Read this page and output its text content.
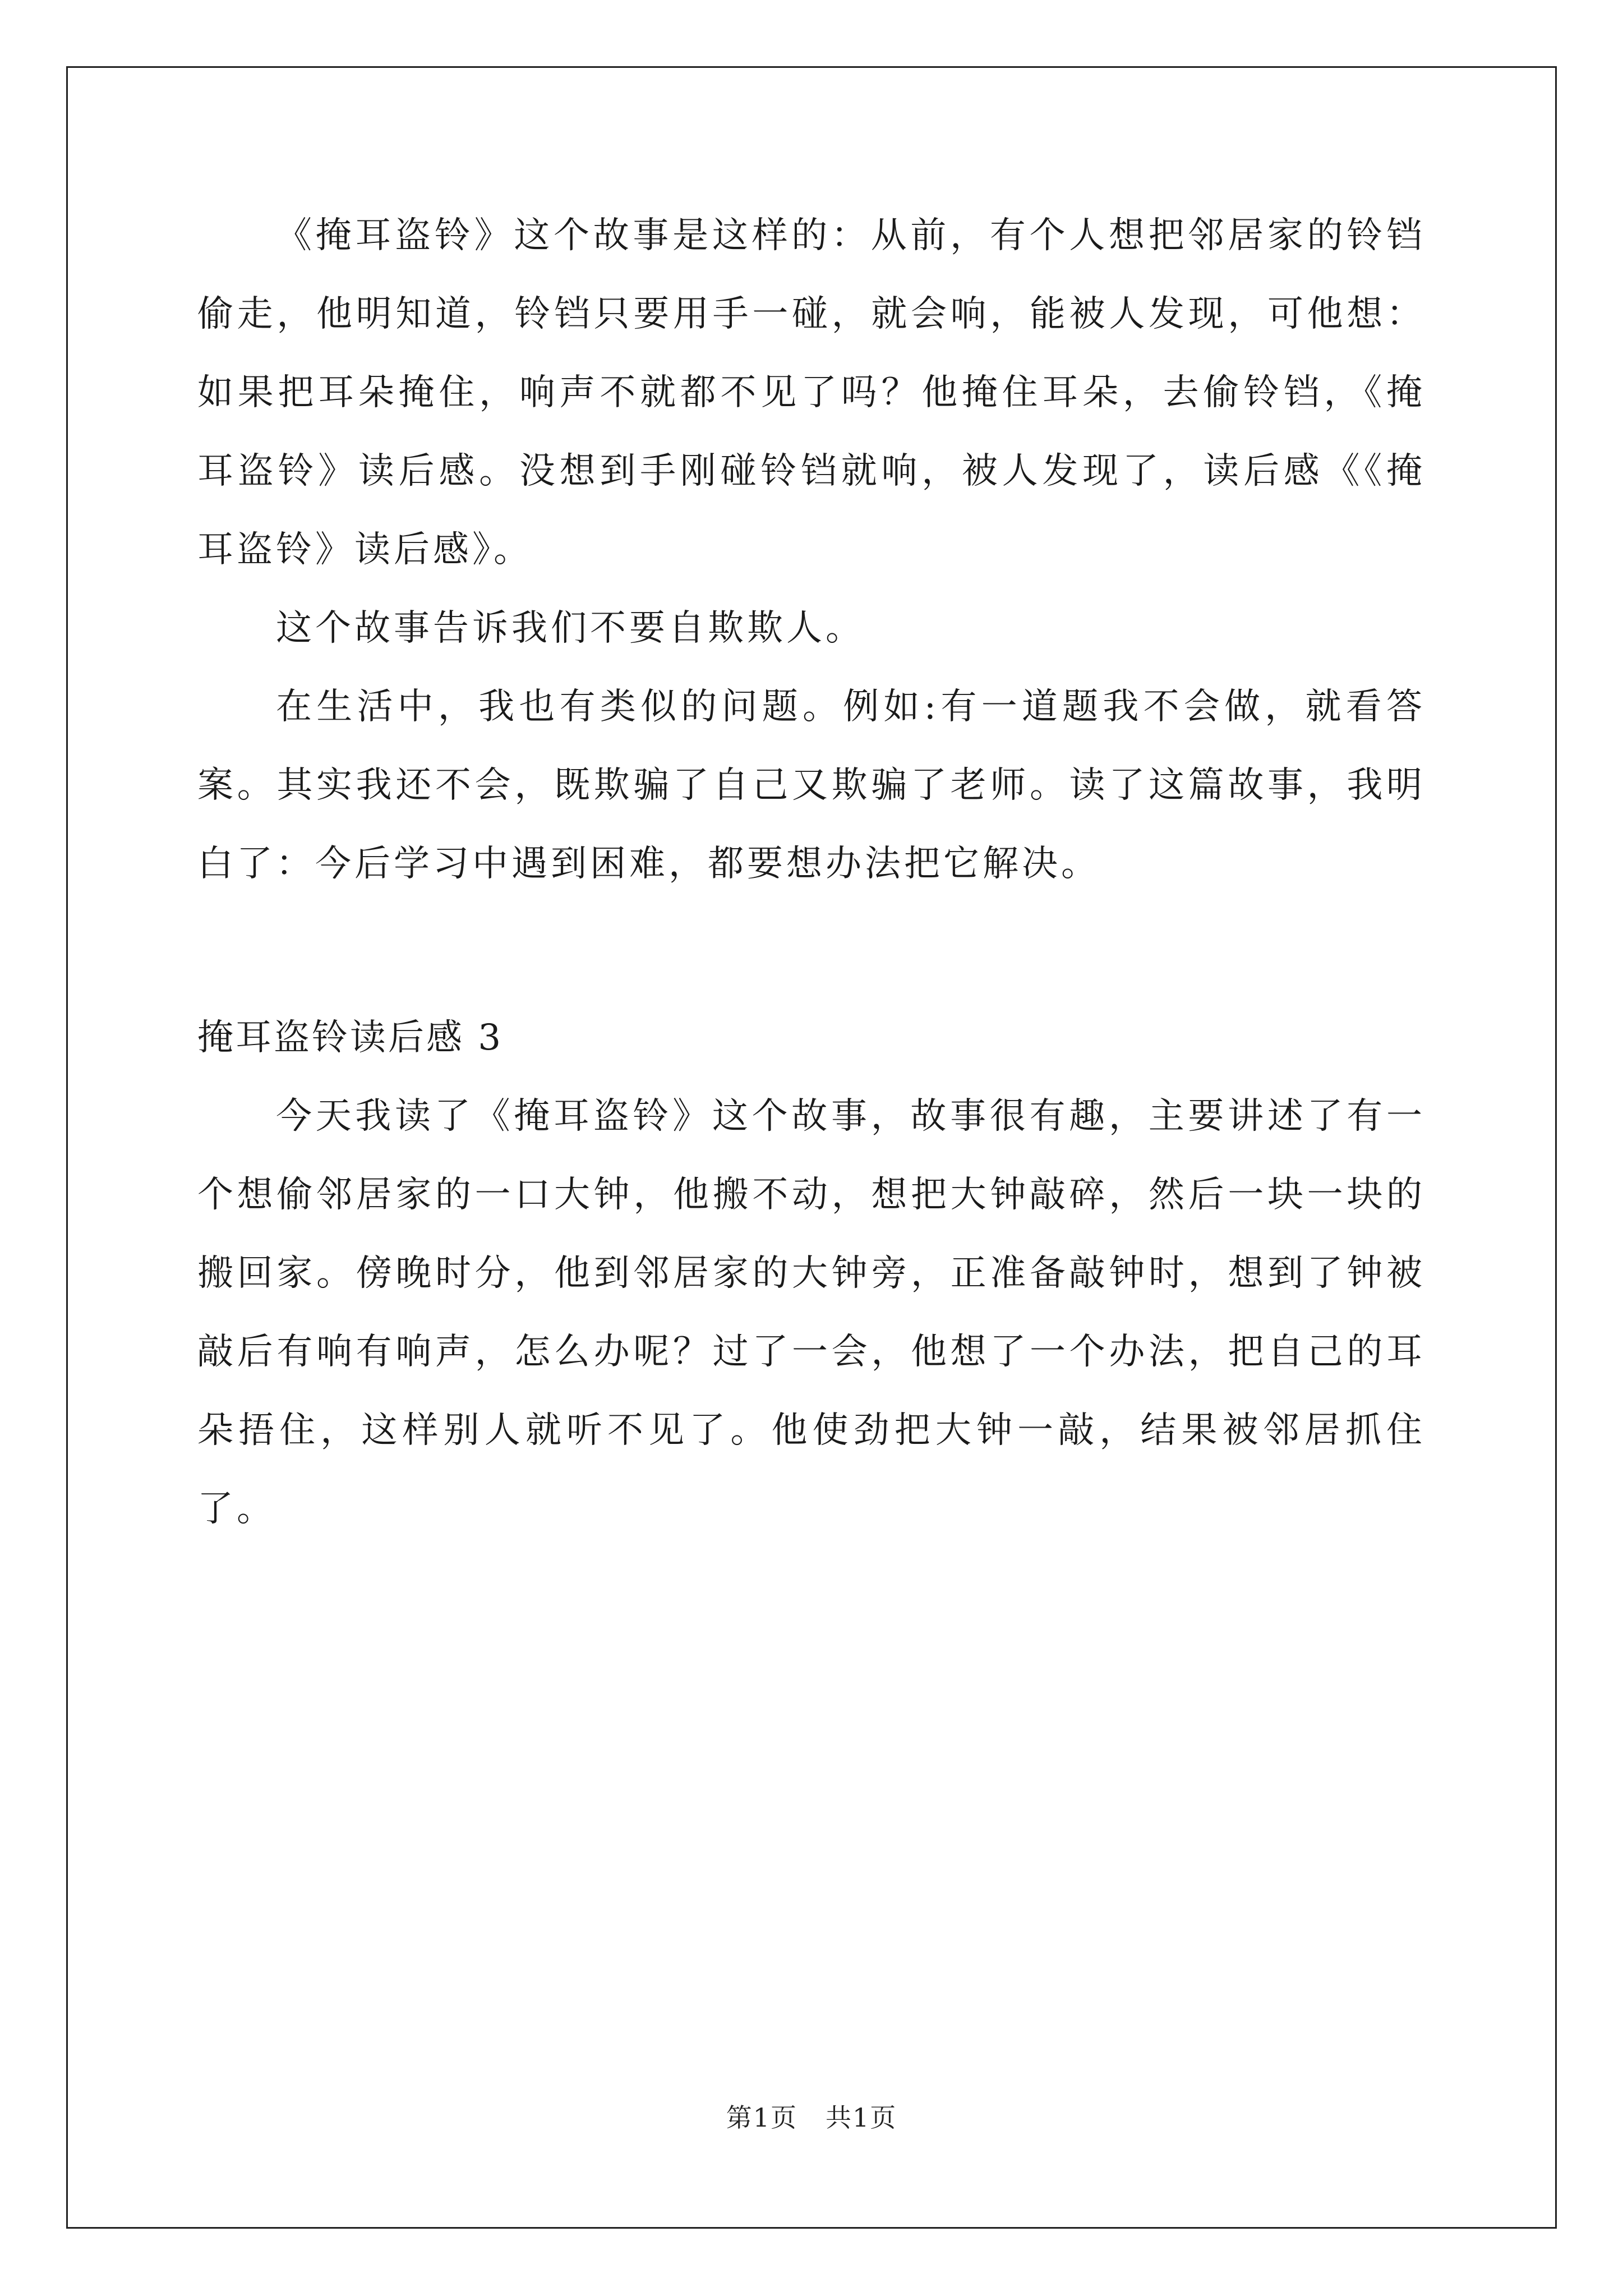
《掩耳盗铃》这个故事是这样的：从前，有个人想把邻居家的铃铛偷走，他明知道，铃铛只要用手一碰，就会响，能被人发现，可他想：如果把耳朵掩住，响声不就都不见了吗？他掩住耳朵，去偷铃铛，《掩耳盗铃》读后感。没想到手刚碰铃铛就响，被人发现了，读后感《《掩耳盗铃》读后感》。

这个故事告诉我们不要自欺欺人。

在生活中，我也有类似的问题。例如:有一道题我不会做，就看答案。其实我还不会，既欺骗了自己又欺骗了老师。读了这篇故事，我明白了：今后学习中遇到困难，都要想办法把它解决。

掩耳盗铃读后感 3

今天我读了《掩耳盗铃》这个故事，故事很有趣，主要讲述了有一个想偷邻居家的一口大钟，他搬不动，想把大钟敲碎，然后一块一块的搬回家。傍晚时分，他到邻居家的大钟旁，正准备敲钟时，想到了钟被敲后有响有响声，怎么办呢？过了一会，他想了一个办法，把自己的耳朵捂住，这样别人就听不见了。他使劲把大钟一敲，结果被邻居抓住了。

第1页 共1页
